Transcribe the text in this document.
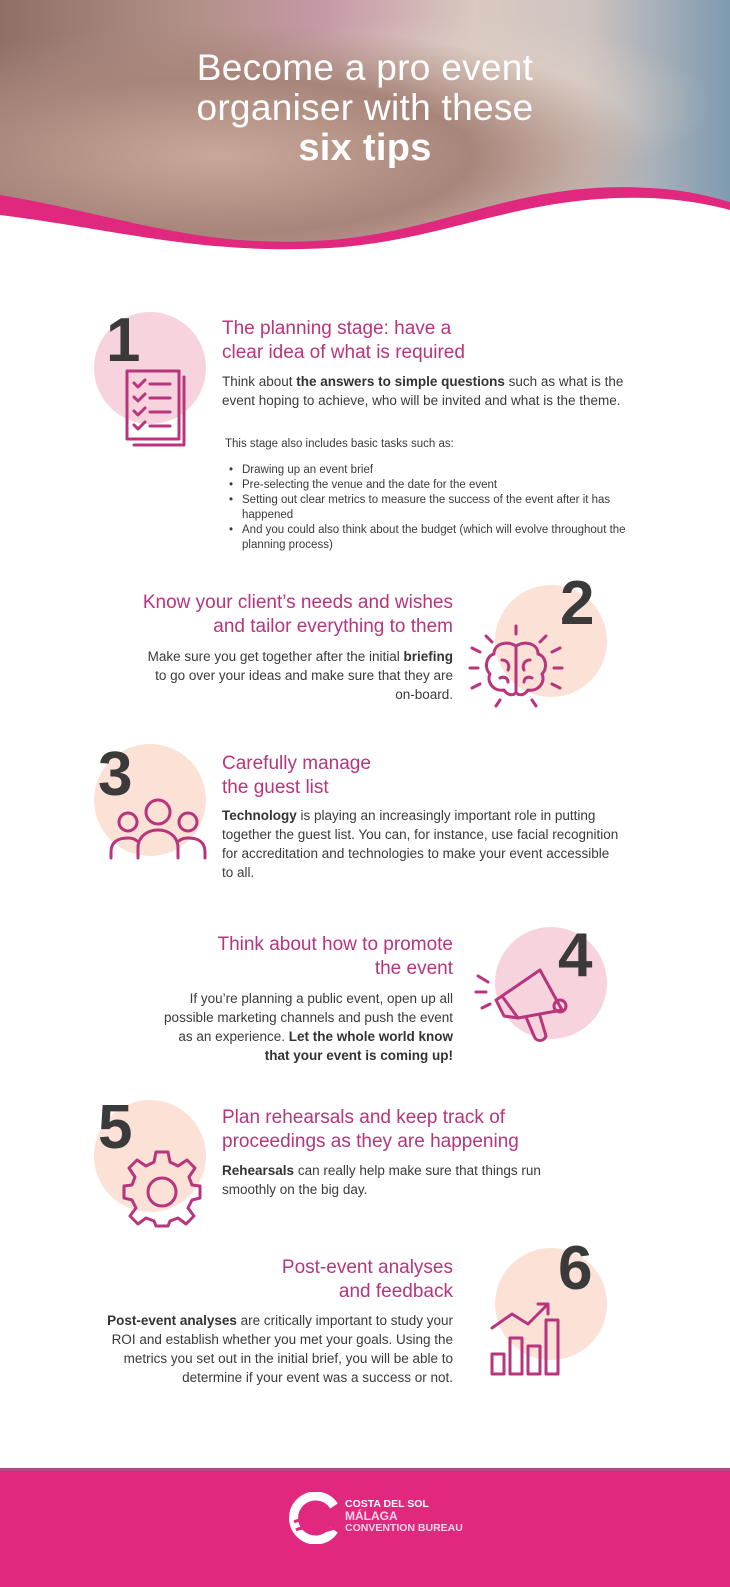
Become a pro event
organiser with these
six tips
1	The planning stage: have a
clear idea of what is required

Think about the answers to simple questions such as what is the event hoping to achieve, who will be invited and what is the theme.

This stage also includes basic tasks such as:

• Drawing up an event brief
• Pre-selecting the venue and the date for the event
• Setting out clear metrics to measure the success of the event after it has happened
• And you could also think about the budget (which will evolve throughout the planning process)
2
Know your client’s needs and wishes
and tailor everything to them

Make sure you get together after the initial briefing to go over your ideas and make sure that they are on-board.

3	Carefully manage
the guest list

Technology is playing an increasingly important role in putting together the guest list. You can, for instance, use facial recognition for accreditation and technologies to make your event accessible to all.

4
Think about how to promote
the event

If you’re planning a public event, open up all possible marketing channels and push the event as an experience. Let the whole world know that your event is coming up!

5	Plan rehearsals and keep track of
proceedings as they are happening

Rehearsals can really help make sure that things run smoothly on the big day.

6
Post-event analyses
and feedback

Post-event analyses are critically important to study your ROI and establish whether you met your goals. Using the metrics you set out in the initial brief, you will be able to determine if your event was a success or not.

COSTA DEL SOL
MÁLAGA
CONVENTION BUREAU
